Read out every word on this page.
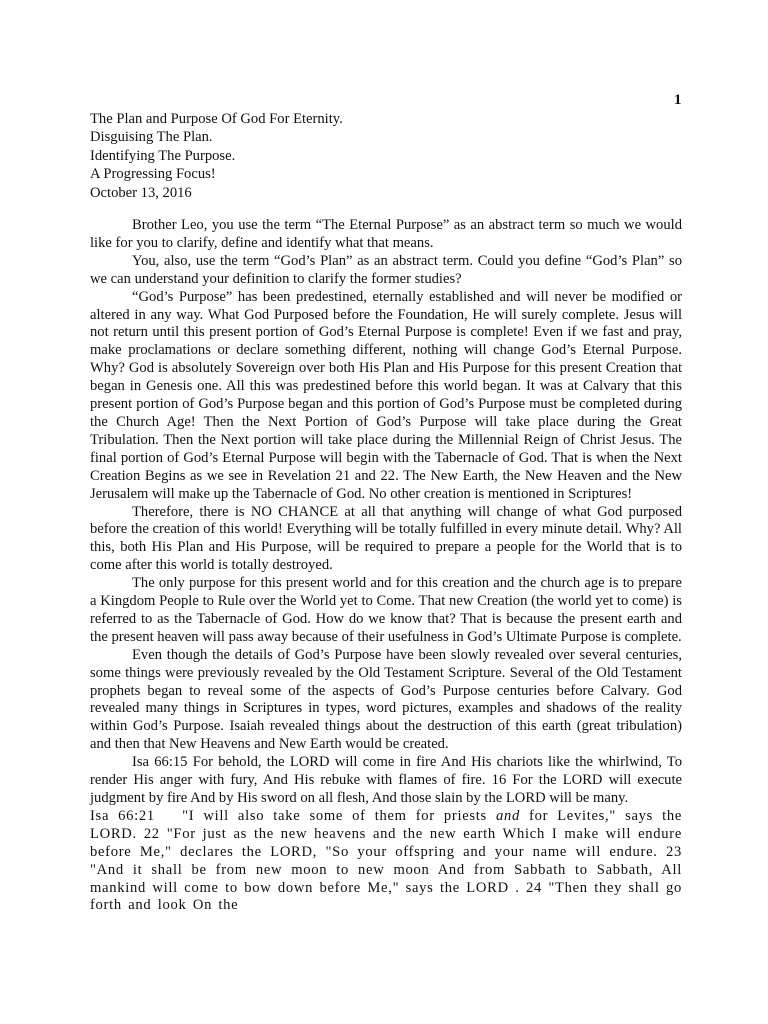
1
The Plan and Purpose Of God For Eternity.
Disguising The Plan.
Identifying The Purpose.
A Progressing Focus!
October 13, 2016

Brother Leo, you use the term “The Eternal Purpose” as an abstract term so much we would like for you to clarify, define and identify what that means.

You, also, use the term “God’s Plan” as an abstract term. Could you define “God’s Plan” so we can understand your definition to clarify the former studies?

“God’s Purpose” has been predestined, eternally established and will never be modified or altered in any way. What God Purposed before the Foundation, He will surely complete. Jesus will not return until this present portion of God’s Eternal Purpose is complete! Even if we fast and pray, make proclamations or declare something different, nothing will change God’s Eternal Purpose. Why? God is absolutely Sovereign over both His Plan and His Purpose for this present Creation that began in Genesis one. All this was predestined before this world began. It was at Calvary that this present portion of God’s Purpose began and this portion of God’s Purpose must be completed during the Church Age! Then the Next Portion of God’s Purpose will take place during the Great Tribulation. Then the Next portion will take place during the Millennial Reign of Christ Jesus. The final portion of God’s Eternal Purpose will begin with the Tabernacle of God. That is when the Next Creation Begins as we see in Revelation 21 and 22. The New Earth, the New Heaven and the New Jerusalem will make up the Tabernacle of God. No other creation is mentioned in Scriptures!

Therefore, there is NO CHANCE at all that anything will change of what God purposed before the creation of this world! Everything will be totally fulfilled in every minute detail. Why? All this, both His Plan and His Purpose, will be required to prepare a people for the World that is to come after this world is totally destroyed.

The only purpose for this present world and for this creation and the church age is to prepare a Kingdom People to Rule over the World yet to Come. That new Creation (the world yet to come) is referred to as the Tabernacle of God. How do we know that? That is because the present earth and the present heaven will pass away because of their usefulness in God’s Ultimate Purpose is complete.

Even though the details of God’s Purpose have been slowly revealed over several centuries, some things were previously revealed by the Old Testament Scripture. Several of the Old Testament prophets began to reveal some of the aspects of God’s Purpose centuries before Calvary. God revealed many things in Scriptures in types, word pictures, examples and shadows of the reality within God’s Purpose. Isaiah revealed things about the destruction of this earth (great tribulation) and then that New Heavens and New Earth would be created.

Isa 66:15 For behold, the LORD will come in fire And His chariots like the whirlwind, To render His anger with fury, And His rebuke with flames of fire. 16 For the LORD will execute judgment by fire And by His sword on all flesh, And those slain by the LORD will be many.

Isa 66:21 "I will also take some of them for priests and for Levites," says the LORD. 22 "For just as the new heavens and the new earth Which I make will endure before Me," declares the LORD, "So your offspring and your name will endure. 23 "And it shall be from new moon to new moon And from Sabbath to Sabbath, All mankind will come to bow down before Me," says the LORD . 24 "Then they shall go forth and look On the
